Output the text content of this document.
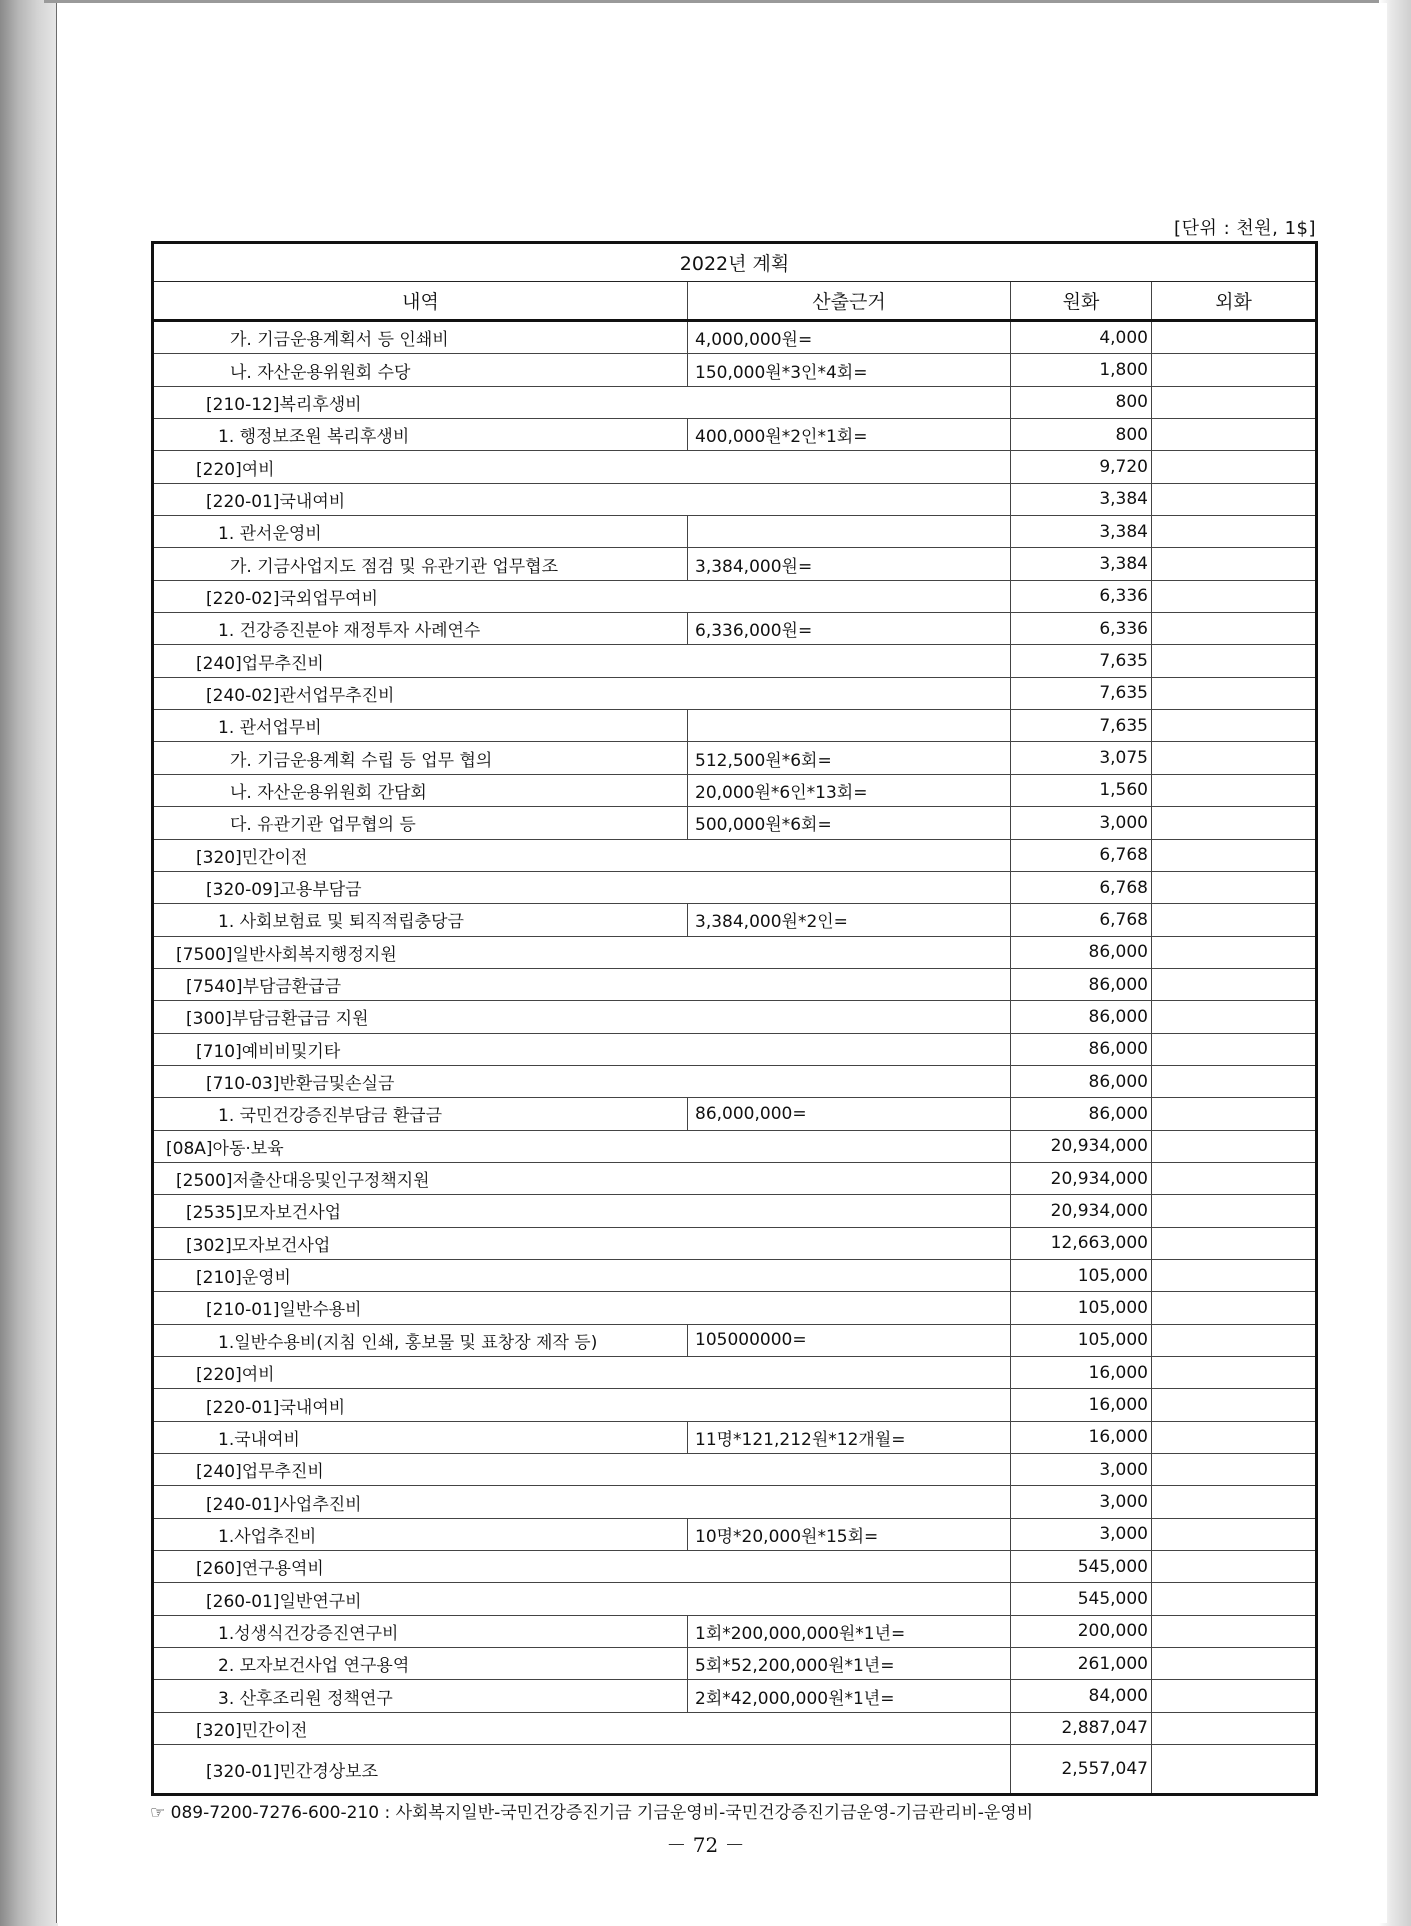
[단위 : 천원, 1$]
2022년 계획			
내역	산출근거	원화	외화
가. 기금운용계획서 등 인쇄비	4,000,000원=	4,000	
나. 자산운용위원회 수당	150,000원*3인*4회=	1,800	
[210-12]복리후생비		800	
1. 행정보조원 복리후생비	400,000원*2인*1회=	800	
[220]여비		9,720	
[220-01]국내여비		3,384	
1. 관서운영비		3,384	
가. 기금사업지도 점검 및 유관기관 업무협조	3,384,000원=	3,384	
[220-02]국외업무여비		6,336	
1. 건강증진분야 재정투자 사례연수	6,336,000원=	6,336	
[240]업무추진비		7,635	
[240-02]관서업무추진비		7,635	
1. 관서업무비		7,635	
가. 기금운용계획 수립 등 업무 협의	512,500원*6회=	3,075	
나. 자산운용위원회 간담회	20,000원*6인*13회=	1,560	
다. 유관기관 업무협의 등	500,000원*6회=	3,000	
[320]민간이전		6,768	
[320-09]고용부담금		6,768	
1. 사회보험료 및 퇴직적립충당금	3,384,000원*2인=	6,768	
[7500]일반사회복지행정지원		86,000	
[7540]부담금환급금		86,000	
[300]부담금환급금 지원		86,000	
[710]예비비및기타		86,000	
[710-03]반환금및손실금		86,000	
1. 국민건강증진부담금 환급금	86,000,000=	86,000	
[08A]아동·보육		20,934,000	
[2500]저출산대응및인구정책지원		20,934,000	
[2535]모자보건사업		20,934,000	
[302]모자보건사업		12,663,000	
[210]운영비		105,000	
[210-01]일반수용비		105,000	
1.일반수용비(지침 인쇄, 홍보물 및 표창장 제작 등)	105000000=	105,000	
[220]여비		16,000	
[220-01]국내여비		16,000	
1.국내여비	11명*121,212원*12개월=	16,000	
[240]업무추진비		3,000	
[240-01]사업추진비		3,000	
1.사업추진비	10명*20,000원*15회=	3,000	
[260]연구용역비		545,000	
[260-01]일반연구비		545,000	
1.성생식건강증진연구비	1회*200,000,000원*1년=	200,000	
2. 모자보건사업 연구용역	5회*52,200,000원*1년=	261,000	
3. 산후조리원 정책연구	2회*42,000,000원*1년=	84,000	
[320]민간이전		2,887,047	
[320-01]민간경상보조		2,557,047	
☞ 089-7200-7276-600-210 : 사회복지일반-국민건강증진기금 기금운영비-국민건강증진기금운영-기금관리비-운영비
－ 72 －
